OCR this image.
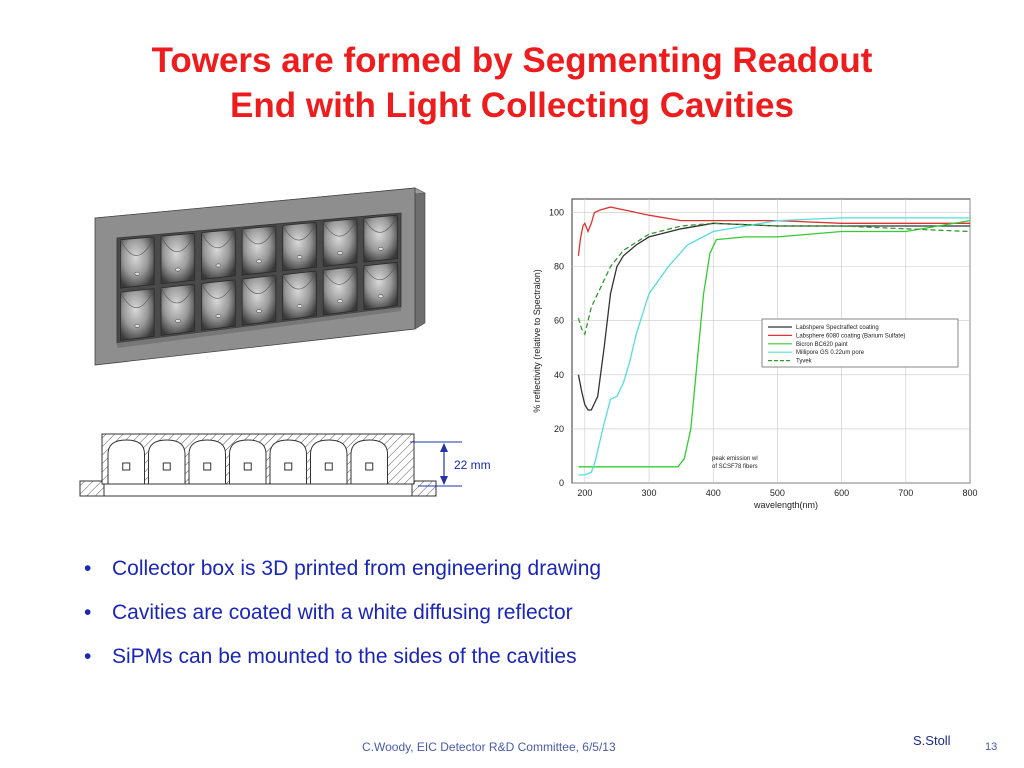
Towers are formed by Segmenting Readout
End with Light Collecting Cavities
22 mm
200	300	400	500	600	700	800
0
20
40
60
80
100
wavelength(nm)
% reflectivity (relative to Spectralon)	Labshpere Spectraflect coating
Labsphere 6080 coating (Barium Sulfate)
Bicron BC620 paint
Millipore GS 0.22um pore
Tyvek
peak emission wl
of SCSF78 fibers
• Collector box is 3D printed from engineering drawing
• Cavities are coated with a white diffusing reflector
• SiPMs can be mounted to the sides of the cavities
C.Woody, EIC Detector R&D Committee, 6/5/13	S.Stoll	13
